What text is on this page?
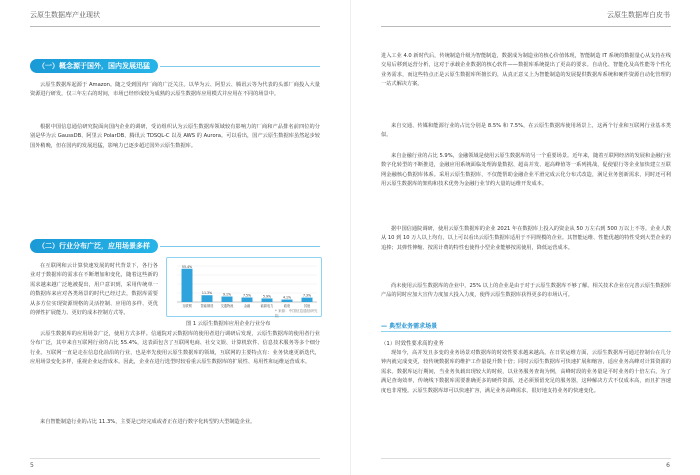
云原生数据库产业现状
（一）概念源于国外，国内发展迅猛
云原生数据库起源于 Amazon。随之受到国内厂商的广泛关注。以华为云、阿里云、腾讯云等为代表的头部厂商投入大量资源进行研发，仅三年左右的时间，市场已经形成较为成熟的云原生数据库应用模式并应用在不同的场景中。
根据中国信息通信研究院面向国内企业的调研，受访组织认为云原生数据库领域较有影响力的厂商和产品排名前四位的分别是华为云 GaussDB、阿里云 PolarDB、腾讯云 TDSQL-C 以及 AWS 的 Aurora。可以看出，国产云原生数据库虽然起步较国外稍晚，但在国内的发展迅猛，影响力已逐步超过国外云原生数据库。
（二）行业分布广泛，应用场景多样
在互联网和云计算快速发展的时代背景下，各行各业对于数据库的需求在不断增加和变化，随着这些新的需求越来越广泛地被提出，用户意识到，采用传统单一的数据库来应对各类场景的时代已经过去，数据库需要从多方位实现资源规格的灵活控制、应用的多样、更优的弹性扩展能力、更好的成本控制方式等。
55.4%
互联网
11.3%
智能制造
9.1%
交通物流
7.5%
金融
5.9%
能源电力
4.1%
政府
7.3%
其他
* 来源：中国信息通信研究院
图 1 云原生数据库应用企业行业分布
云原生数据库的应用场景广泛，使用方式多样。信通院对云数据库的使用者进行调研后发现，云原生数据库的使用者行业分布广泛，其中来自互联网行业的占比 55.4%，这表面包含了互联网电商、社交文娱、计算机软件、信息技术服务等多个细分行业。互联网一直是走在信息化前沿的行业，也是率先使用云原生数据库的领域，互联网的主要特点有：业务快速更新迭代，应用场景变化多样，重视企业运营成本。因此，企业在进行选型时较看重云原生数据库的扩展性、易用性和运维运营成本。
来自智能制造行业的占比 11.3%，主要是已经完成或者正在进行数字化转型的大型制造企业。
5
云原生数据库白皮书
进入工业 4.0 新时代后，传统制造升级为智能制造，数据成为制造业的核心价值体现，智能制造 IT 系统的数据量心从支持在线交易后移到运营分析，这对于承载企业数据的核心软件——数据库系统提出了更高的要求。自动化、智能化及高性能等个性化业务需求，而这些特点正是云原生数据库所擅长的，从真正意义上为智能制造的发展提供数据库系统和硬件资源自动化管理的一站式解决方案。
来自交通、传媒和能源行业的占比分别是 8.5% 和 7.5%，在云原生数据库使用场景上，这两个行业和互联网行业基本类似。
来自金融行业的占比 5.9%，金融领域是使用云原生数据库的另一个重要场景。近年来，随着互联网经济的发展和金融行业数字化转型的不断推进，金融应用系统面临处理海量数据、超高并发、超高峰值等一系列挑战，促使银行等企业加快建立互联网金融核心数据库体系。采用云原生数据库，不仅能帮助金融企业平滑完成云化分布式改造，满足业务创新需求，同时还可利用云原生数据库的架构和技术优势为金融行业节约大量的运维开发成本。
据中国信通院调研，使用云原生数据库的企业 2021 年在数据库上投入的资金从 50 万左右到 500 万以上不等。企业人数从 10 到 10 万人以上均有，以上可以看出云原生数据库适用于不同规模的企业。其智能运维、性能优越的特性受到大型企业的追捧；其弹性伸缩、按需计费的特性也使得小型企业能够按需使用，降低运营成本。
尚未使用云原生数据库的企业中，25% 以上的企业是由于对于云原生数据库不够了解。相关技术企业在完善云原生数据库产品的同时应加大宣传力度加大投入力度，使得云原生数据库获得更多的市场认可。
— 典型业务需求场景
（1）时效性要求高的业务
现如今，高并发且多变的业务场景对数据库的时效性要求越来越高。在日常运维方面，云原生数据库可通过控制台在几分钟内就完成变更，较传统数据库的维护工作量提升数十倍；同时云原生数据库可快速扩展和缩容，适应业务高峰对计算资源的需求。数据库运行期间，当业务负载出现较大的时候，以业务服务查询为例，高峰时段的业务量是平时业务的十倍左右，为了满足查询效率，传统线下数据库需要准确更多的硬件资源，还必须预留充足的服务器，这种解决方式不仅成本高，而且扩容速度也非常慢。云原生数据库却可以快速扩容，满足业务高峰需求，很好地支持业务的快速变化。
6
